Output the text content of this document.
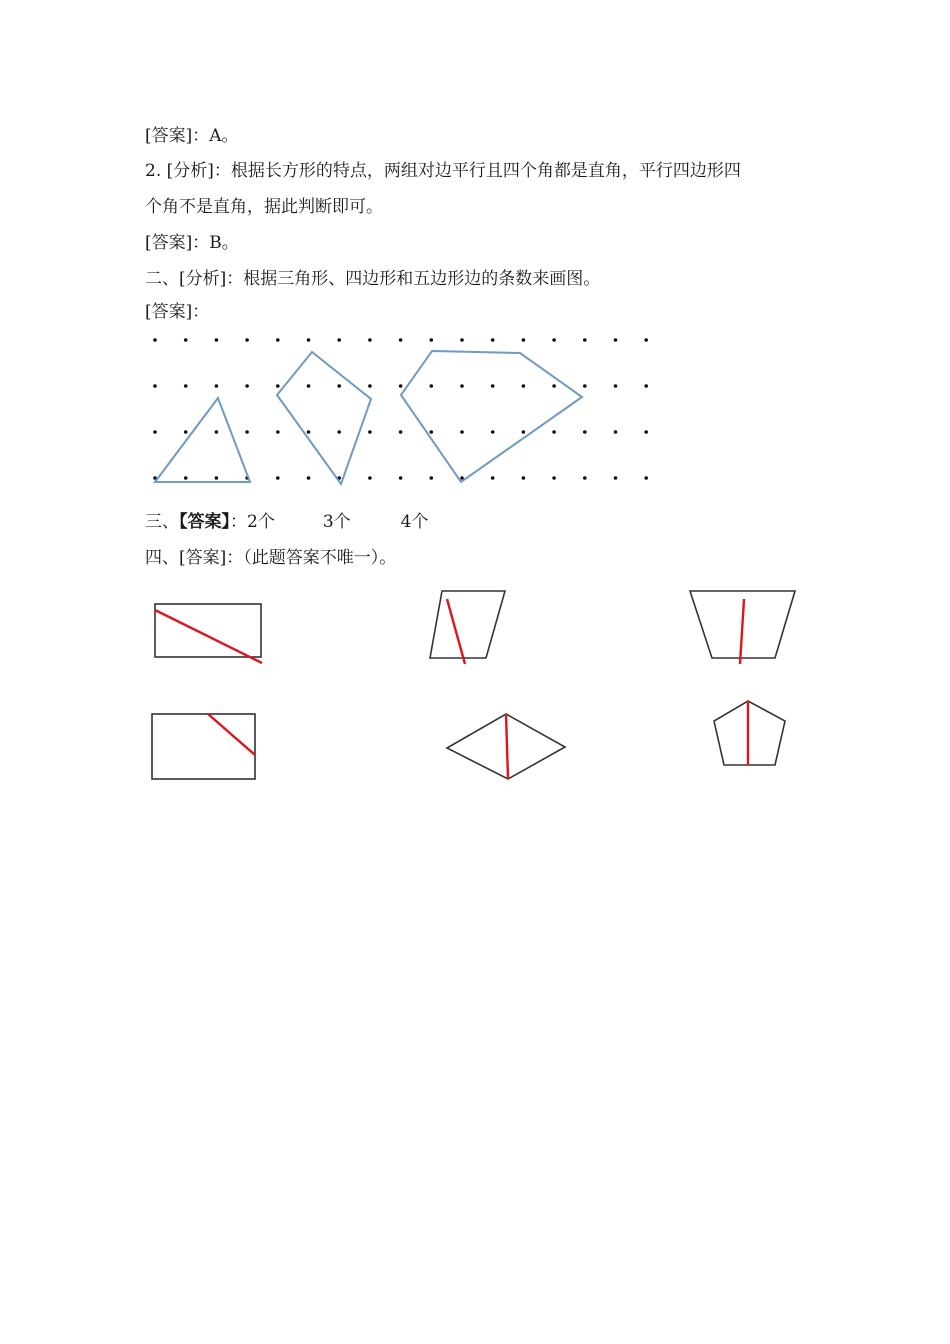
[答案]：A。
2. [分析]：根据长方形的特点，两组对边平行且四个角都是直角，平行四边形四
个角不是直角，据此判断即可。
[答案]：B。
二、[分析]：根据三角形、四边形和五边形边的条数来画图。
[答案]：
三、【答案】：2个	3个	4个
四、[答案]：（此题答案不唯一）。
